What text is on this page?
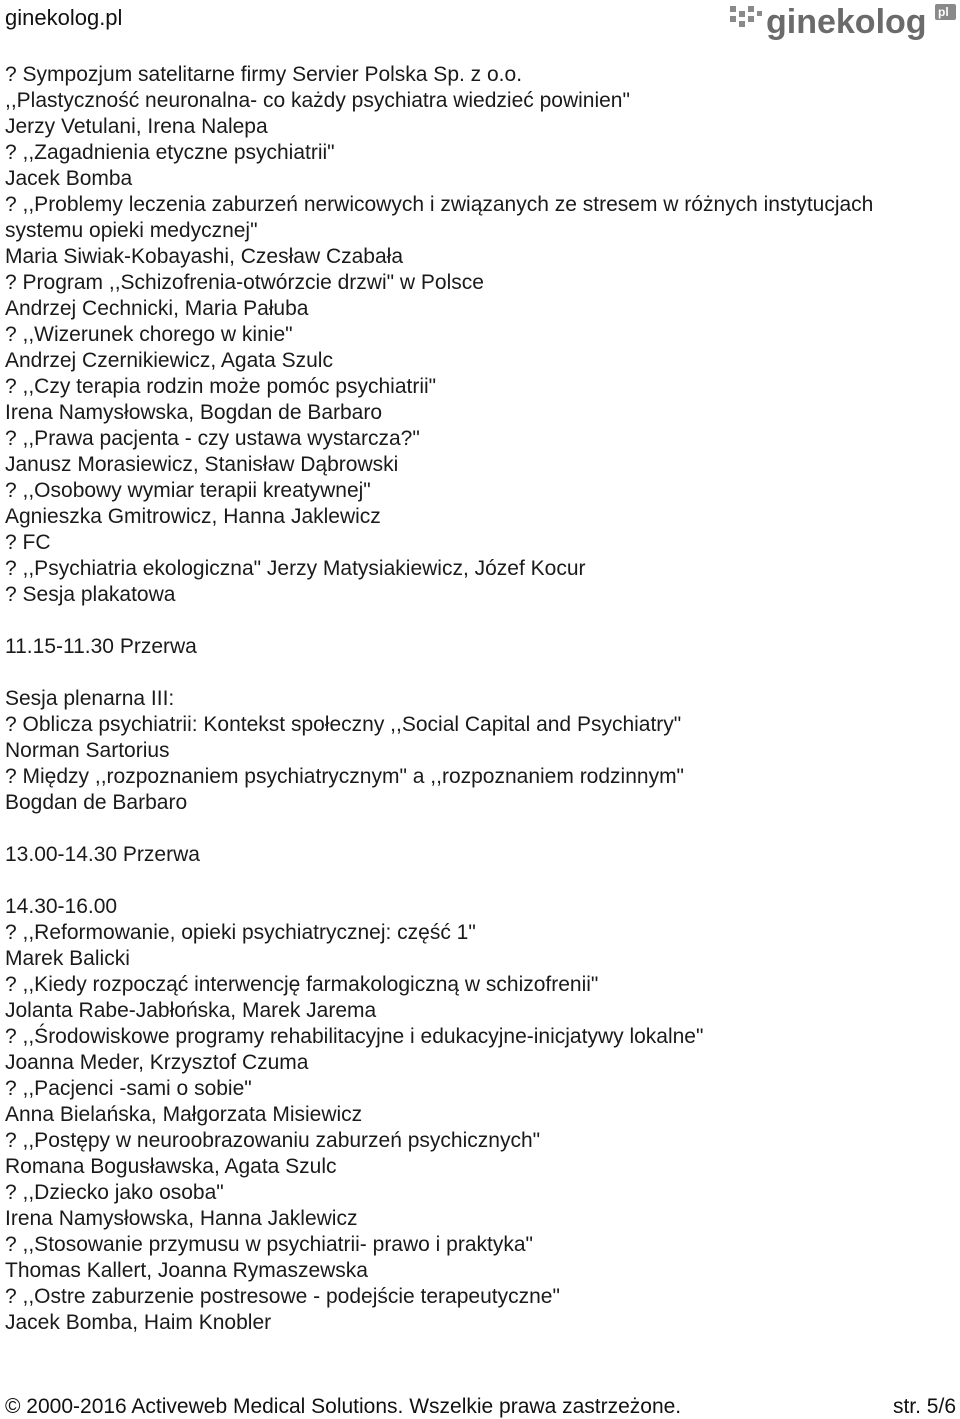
ginekolog.pl	ginekolog pl
? Sympozjum satelitarne firmy Servier Polska Sp. z o.o.
,,Plastyczność neuronalna- co każdy psychiatra wiedzieć powinien"
Jerzy Vetulani, Irena Nalepa
? ,,Zagadnienia etyczne psychiatrii"
Jacek Bomba
? ,,Problemy leczenia zaburzeń nerwicowych i związanych ze stresem w różnych instytucjach
systemu opieki medycznej"
Maria Siwiak-Kobayashi, Czesław Czabała
? Program ,,Schizofrenia-otwórzcie drzwi" w Polsce
Andrzej Cechnicki, Maria Pałuba
? ,,Wizerunek chorego w kinie"
Andrzej Czernikiewicz, Agata Szulc
? ,,Czy terapia rodzin może pomóc psychiatrii"
Irena Namysłowska, Bogdan de Barbaro
? ,,Prawa pacjenta - czy ustawa wystarcza?"
Janusz Morasiewicz, Stanisław Dąbrowski
? ,,Osobowy wymiar terapii kreatywnej"
Agnieszka Gmitrowicz, Hanna Jaklewicz
? FC
? ,,Psychiatria ekologiczna" Jerzy Matysiakiewicz, Józef Kocur
? Sesja plakatowa
11.15-11.30 Przerwa
Sesja plenarna III:
? Oblicza psychiatrii: Kontekst społeczny ,,Social Capital and Psychiatry"
Norman Sartorius
? Między ,,rozpoznaniem psychiatrycznym" a ,,rozpoznaniem rodzinnym"
Bogdan de Barbaro
13.00-14.30 Przerwa
14.30-16.00
? ,,Reformowanie, opieki psychiatrycznej: część 1"
Marek Balicki
? ,,Kiedy rozpocząć interwencję farmakologiczną w schizofrenii"
Jolanta Rabe-Jabłońska, Marek Jarema
? ,,Środowiskowe programy rehabilitacyjne i edukacyjne-inicjatywy lokalne"
Joanna Meder, Krzysztof Czuma
? ,,Pacjenci -sami o sobie"
Anna Bielańska, Małgorzata Misiewicz
? ,,Postępy w neuroobrazowaniu zaburzeń psychicznych"
Romana Bogusławska, Agata Szulc
? ,,Dziecko jako osoba"
Irena Namysłowska, Hanna Jaklewicz
? ,,Stosowanie przymusu w psychiatrii- prawo i praktyka"
Thomas Kallert, Joanna Rymaszewska
? ,,Ostre zaburzenie postresowe - podejście terapeutyczne"
Jacek Bomba, Haim Knobler
© 2000-2016 Activeweb Medical Solutions. Wszelkie prawa zastrzeżone.	str. 5/6
